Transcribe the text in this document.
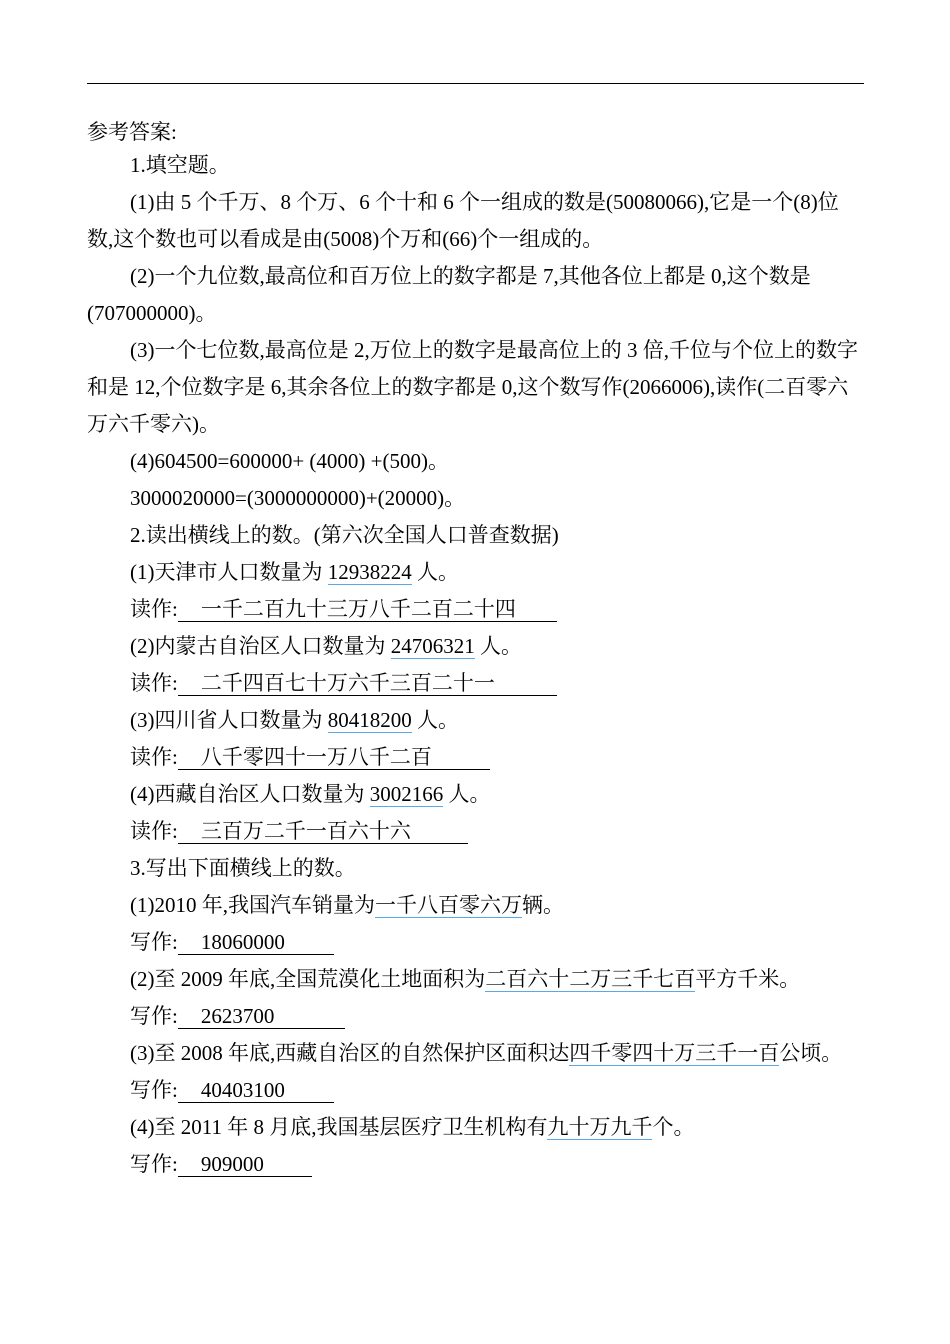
参考答案:

1.填空题。

(1)由 5 个千万、8 个万、6 个十和 6 个一组成的数是(50080066),它是一个(8)位数,这个数也可以看成是由(5008)个万和(66)个一组成的。

(2)一个九位数,最高位和百万位上的数字都是 7,其他各位上都是 0,这个数是(707000000)。

(3)一个七位数,最高位是 2,万位上的数字是最高位上的 3 倍,千位与个位上的数字和是 12,个位数字是 6,其余各位上的数字都是 0,这个数写作(2066006),读作(二百零六万六千零六)。

(4)604500=600000+ (4000) +(500)。

3000020000=(3000000000)+(20000)。

2.读出横线上的数。(第六次全国人口普查数据)

(1)天津市人口数量为 12938224 人。

读作: 一千二百九十三万八千二百二十四

(2)内蒙古自治区人口数量为 24706321 人。

读作: 二千四百七十万六千三百二十一

(3)四川省人口数量为 80418200 人。

读作: 八千零四十一万八千二百

(4)西藏自治区人口数量为 3002166 人。

读作: 三百万二千一百六十六

3.写出下面横线上的数。

(1)2010 年,我国汽车销量为一千八百零六万辆。

写作: 18060000

(2)至 2009 年底,全国荒漠化土地面积为二百六十二万三千七百平方千米。

写作: 2623700

(3)至 2008 年底,西藏自治区的自然保护区面积达四千零四十万三千一百公顷。

写作: 40403100

(4)至 2011 年 8 月底,我国基层医疗卫生机构有九十万九千个。

写作: 909000
